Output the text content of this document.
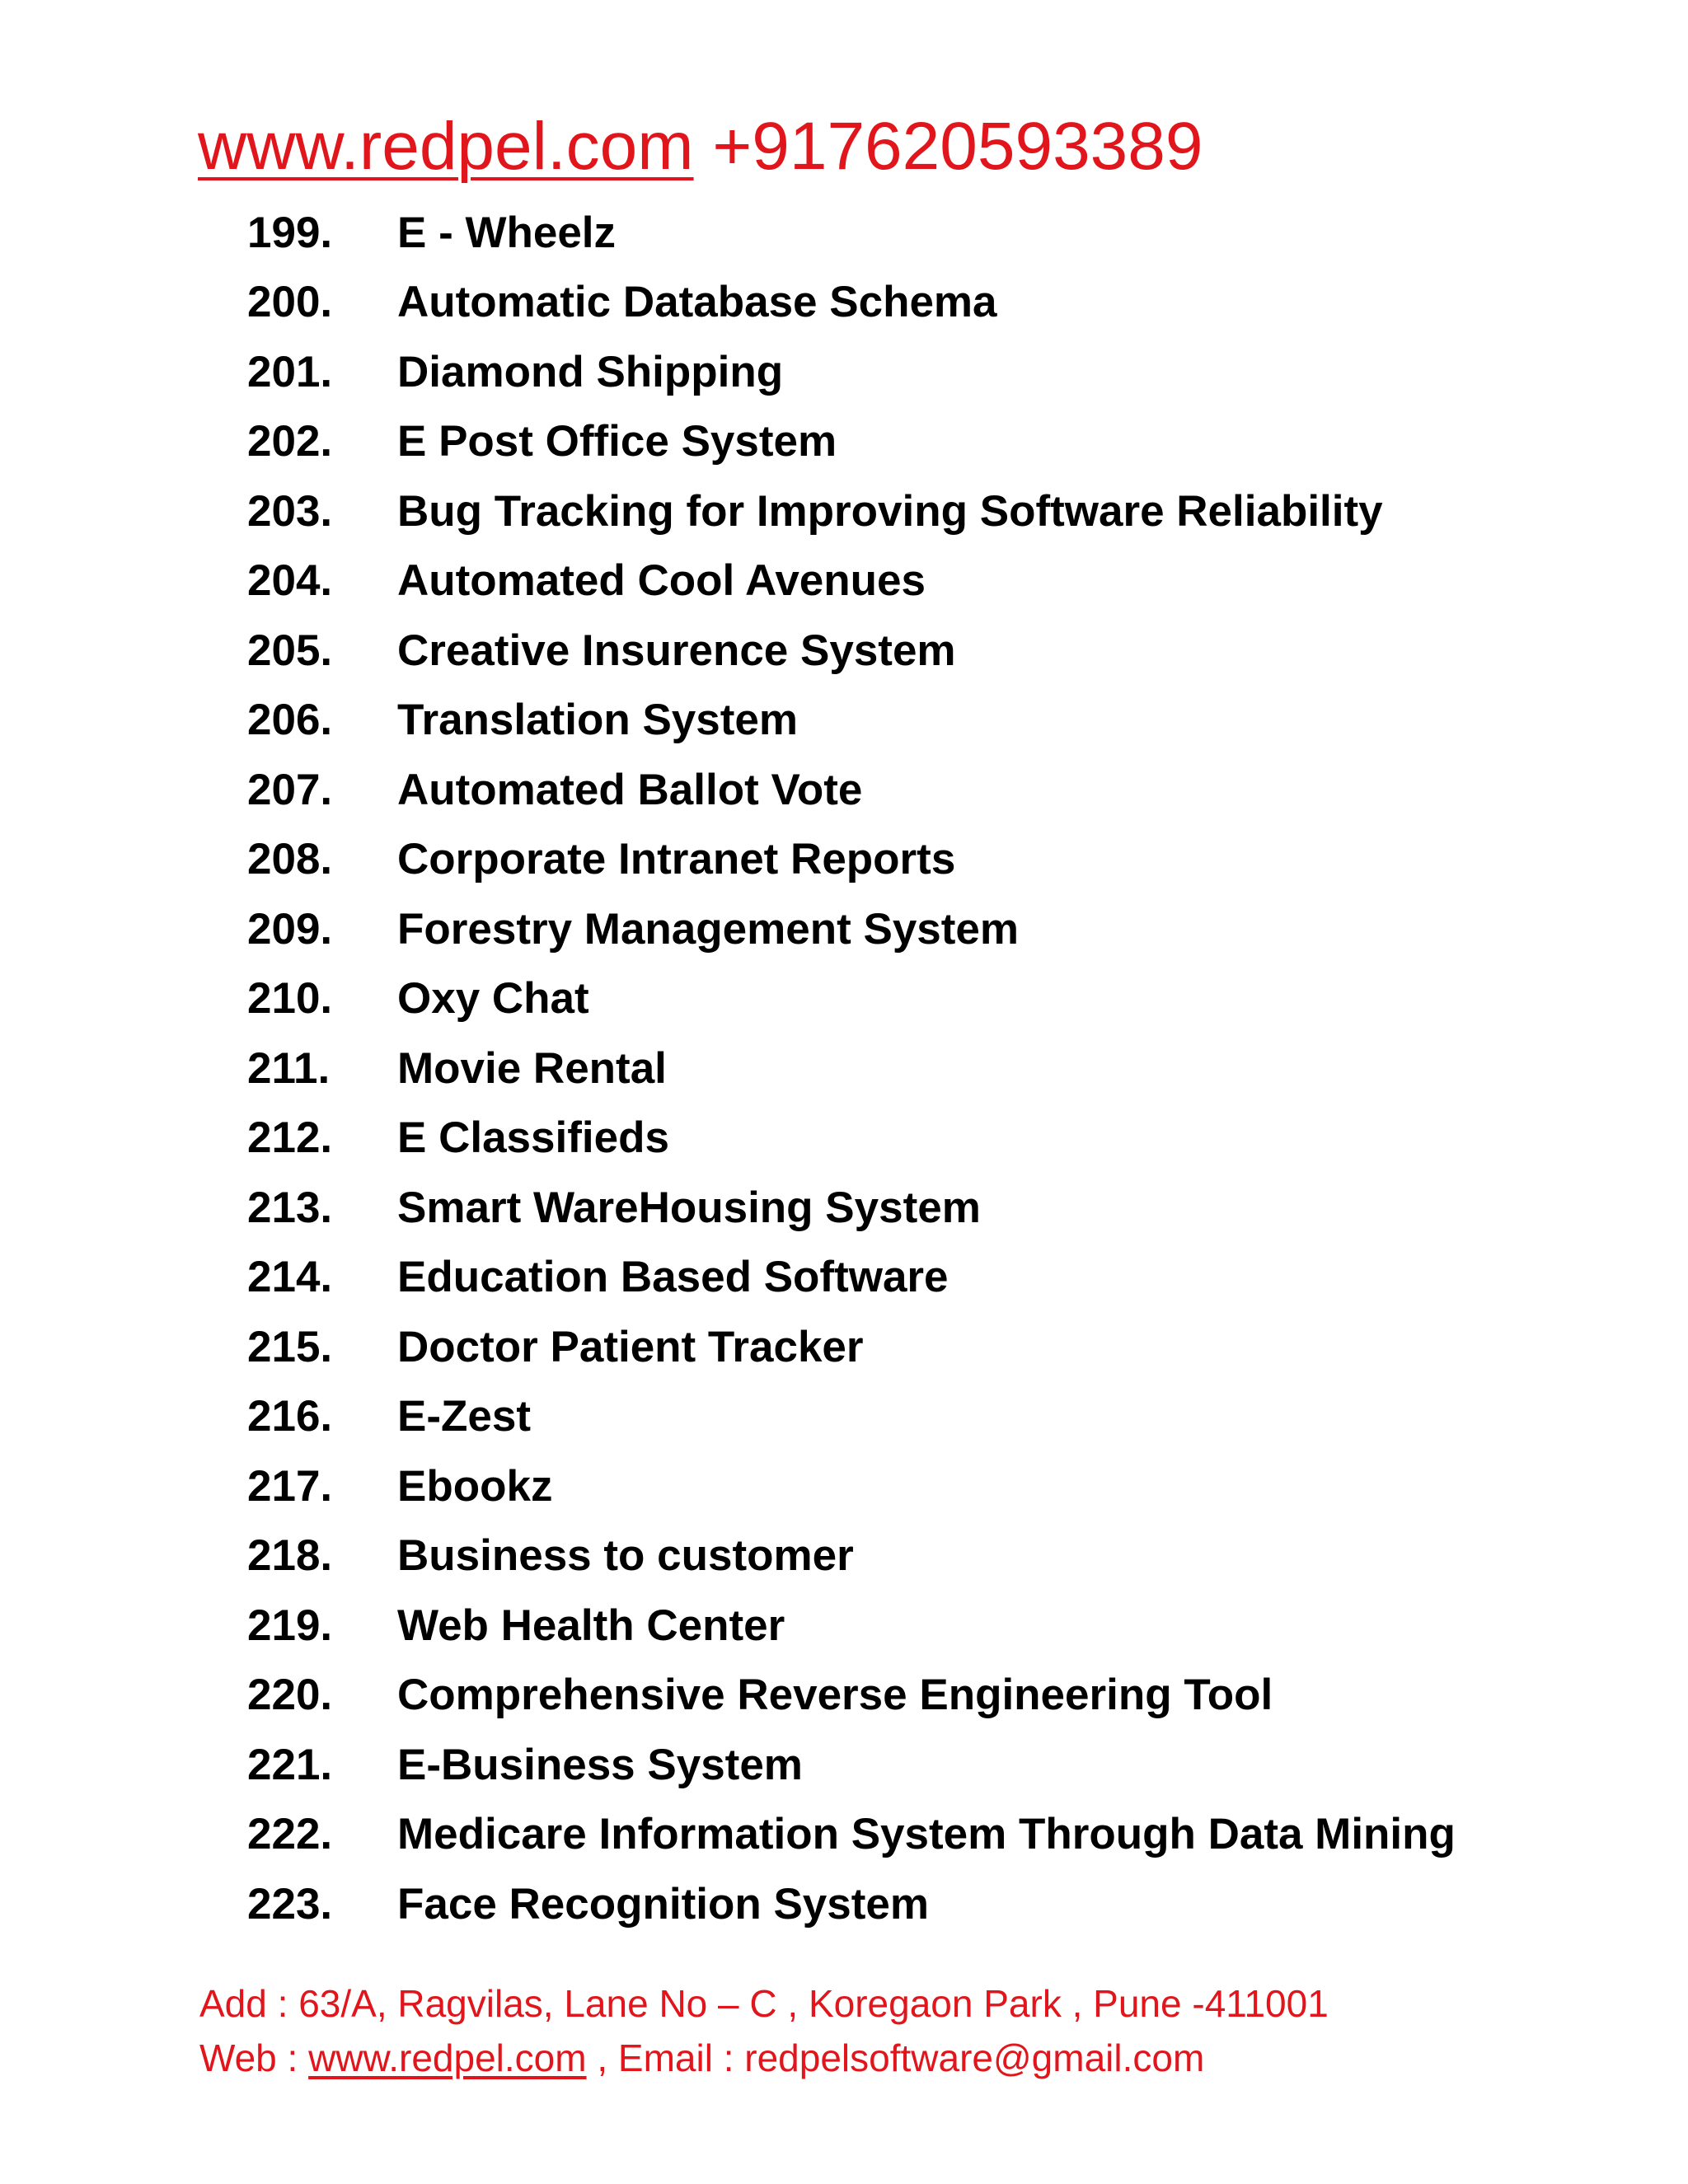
www.redpel.com +917620593389
199.	E - Wheelz
200.	Automatic Database Schema
201.	Diamond Shipping
202.	E Post Office System
203.	Bug Tracking for Improving Software Reliability
204.	Automated Cool Avenues
205.	Creative Insurence System
206.	Translation System
207.	Automated Ballot Vote
208.	Corporate Intranet Reports
209.	Forestry Management System
210.	Oxy Chat
211.	Movie Rental
212.	E Classifieds
213.	Smart WareHousing System
214.	Education Based Software
215.	Doctor Patient Tracker
216.	E-Zest
217.	Ebookz
218.	Business to customer
219.	Web Health Center
220.	Comprehensive Reverse Engineering Tool
221.	E-Business System
222.	Medicare Information System Through Data Mining
223.	Face Recognition System
Add : 63/A, Ragvilas, Lane No – C , Koregaon Park , Pune -411001
Web : www.redpel.com , Email : redpelsoftware@gmail.com
